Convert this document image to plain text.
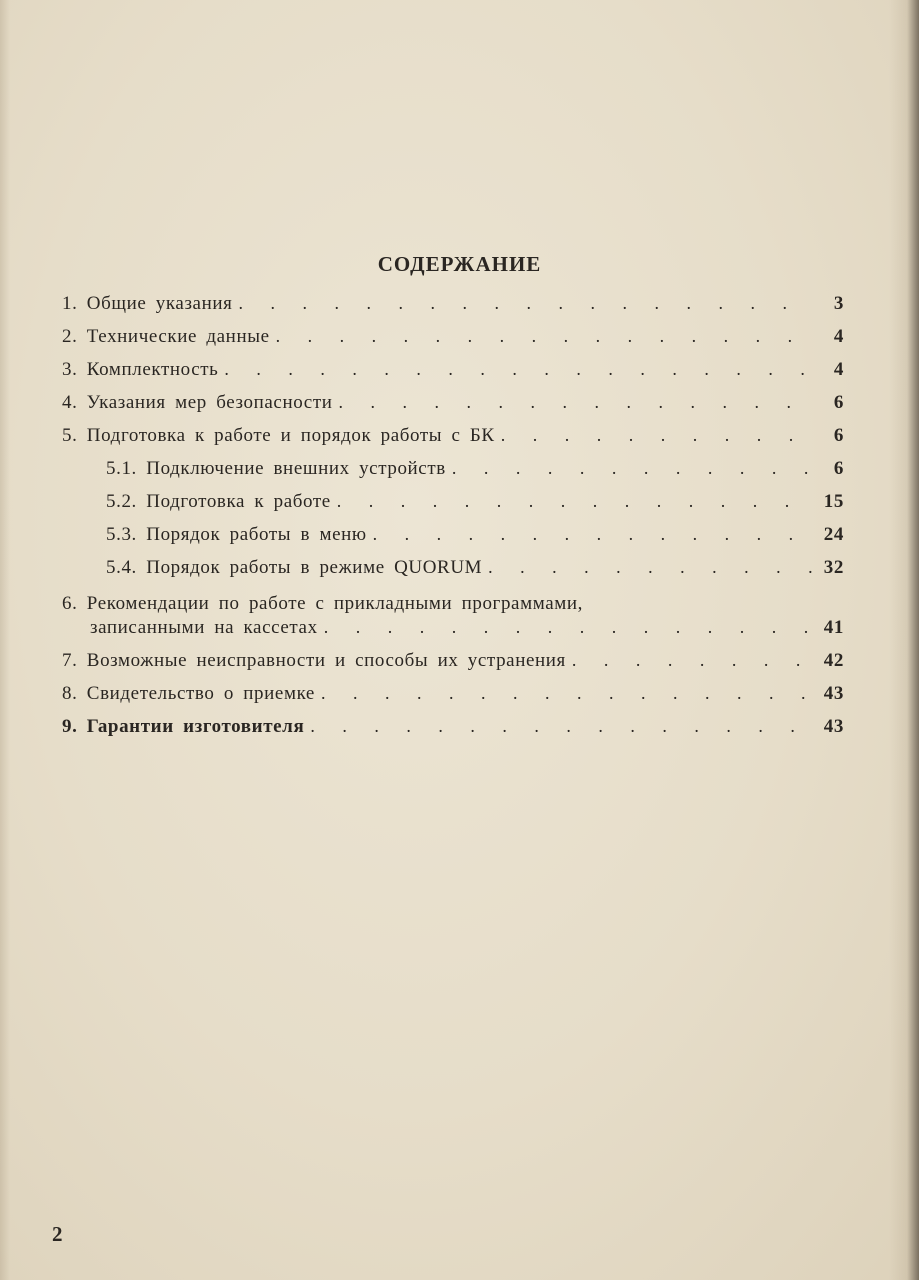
СОДЕРЖАНИЕ
1. Общие указания . . .	3
2. Технические данные . . .	4
3. Комплектность . . .	4
4. Указания мер безопасности . . .	6
5. Подготовка к работе и порядок работы с БК . . .	6
5.1. Подключение внешних устройств . . .	6
5.2. Подготовка к работе . . .	15
5.3. Порядок работы в меню . . .	24
5.4. Порядок работы в режиме QUORUM . . .	32
6. Рекомендации по работе с прикладными программами,
записанными на кассетах . . .	41
7. Возможные неисправности и способы их устранения . . .	42
8. Свидетельство о приемке . . .	43
9. Гарантии изготовителя . . .	43
2
